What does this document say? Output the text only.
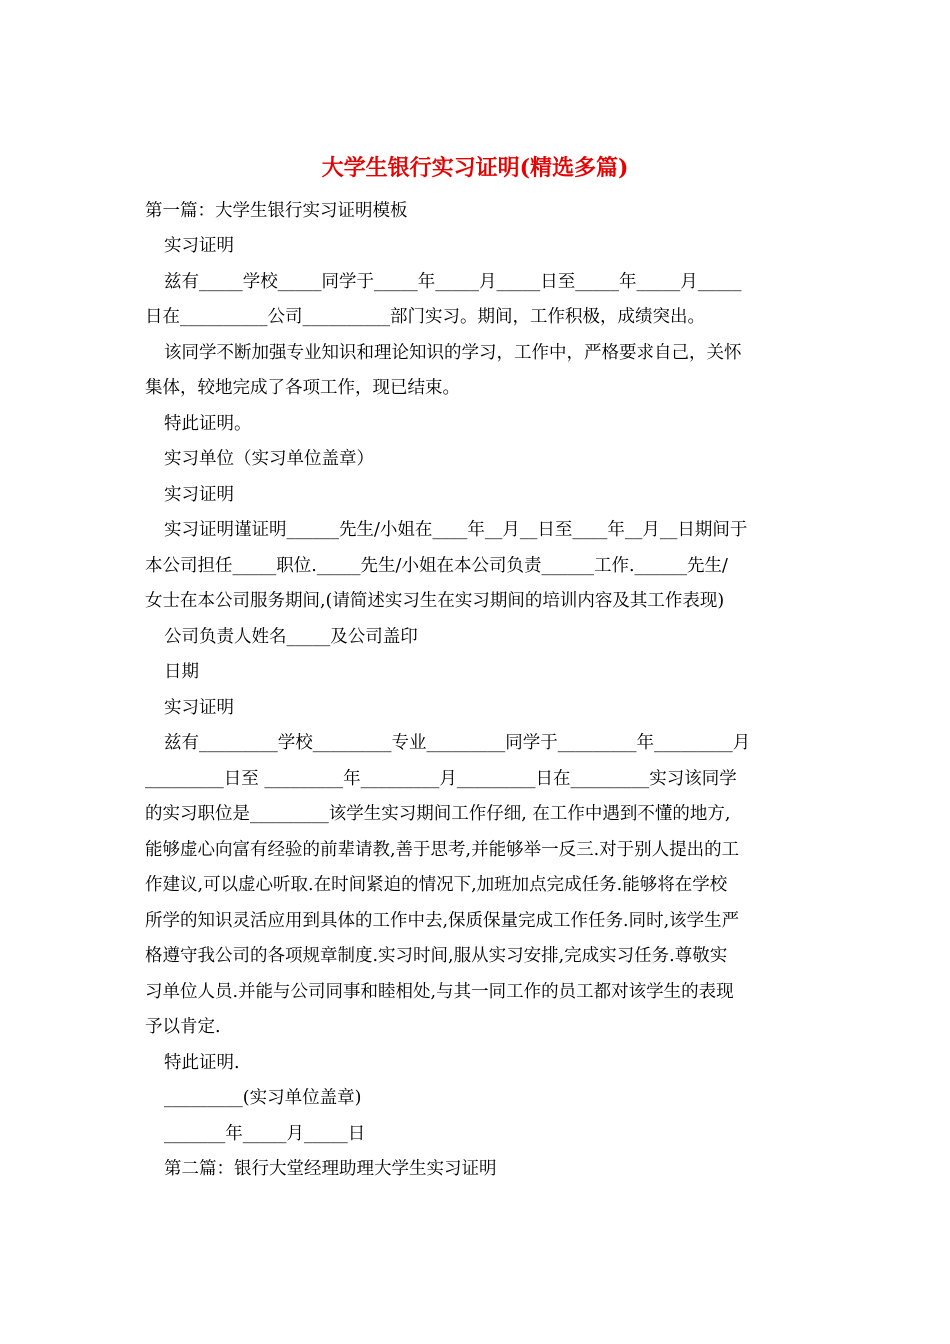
大学生银行实习证明(精选多篇)

第一篇：大学生银行实习证明模板

实习证明

兹有_____学校_____同学于_____年_____月_____日至_____年_____月_____

日在__________公司__________部门实习。期间，工作积极，成绩突出。

该同学不断加强专业知识和理论知识的学习，工作中，严格要求自己，关怀

集体，较地完成了各项工作，现已结束。

特此证明。

实习单位（实习单位盖章）

实习证明

实习证明谨证明______先生/小姐在____年__月__日至____年__月__日期间于

本公司担任_____职位._____先生/小姐在本公司负责______工作.______先生/

女士在本公司服务期间,(请简述实习生在实习期间的培训内容及其工作表现)

公司负责人姓名_____及公司盖印

日期

实习证明

兹有_________学校_________专业_________同学于_________年_________月

_________日至 _________年_________月_________日在_________实习该同学

的实习职位是_________该学生实习期间工作仔细, 在工作中遇到不懂的地方,

能够虚心向富有经验的前辈请教,善于思考,并能够举一反三.对于别人提出的工

作建议,可以虚心听取.在时间紧迫的情况下,加班加点完成任务.能够将在学校

所学的知识灵活应用到具体的工作中去,保质保量完成工作任务.同时,该学生严

格遵守我公司的各项规章制度.实习时间,服从实习安排,完成实习任务.尊敬实

习单位人员.并能与公司同事和睦相处,与其一同工作的员工都对该学生的表现

予以肯定.

特此证明.

_________(实习单位盖章)

_______年_____月_____日

第二篇：银行大堂经理助理大学生实习证明
